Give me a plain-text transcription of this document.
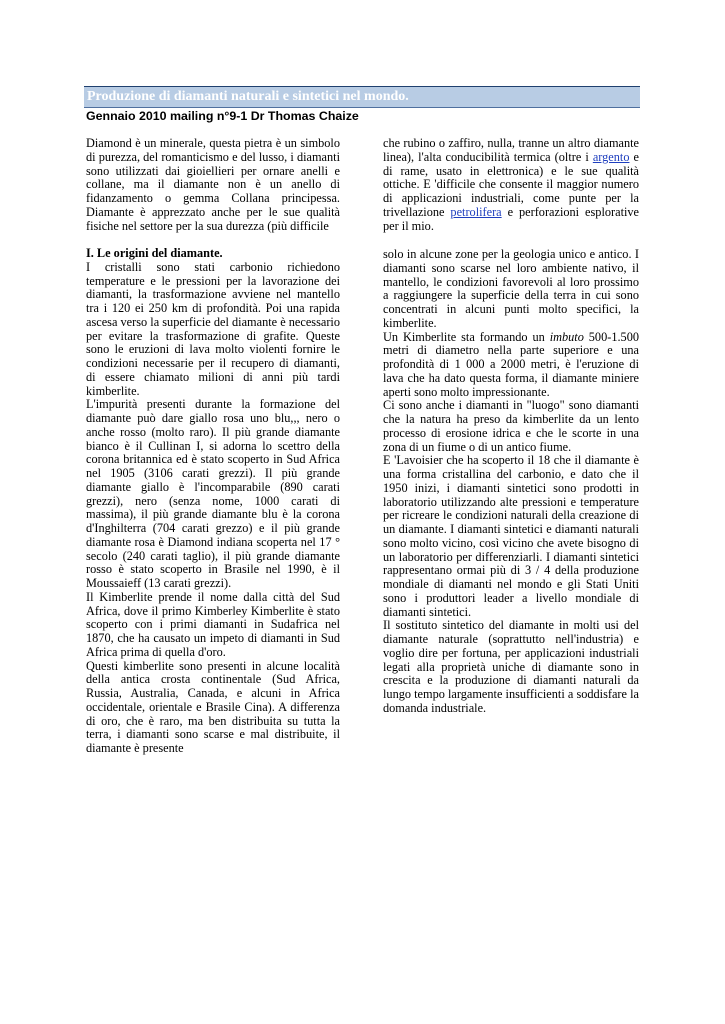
Produzione di diamanti naturali e sintetici nel mondo.
Gennaio 2010 mailing n°9-1 Dr Thomas Chaize

Diamond è un minerale, questa pietra è un simbolo di purezza, del romanticismo e del lusso, i diamanti sono utilizzati dai gioiellieri per ornare anelli e collane, ma il diamante non è un anello di fidanzamento o gemma Collana principessa. Diamante è apprezzato anche per le sue qualità fisiche nel settore per la sua durezza (più difficile

I. Le origini del diamante.

I cristalli sono stati carbonio richiedono temperature e le pressioni per la lavorazione dei diamanti, la trasformazione avviene nel mantello tra i 120 ei 250 km di profondità. Poi una rapida ascesa verso la superficie del diamante è necessario per evitare la trasformazione di grafite. Queste sono le eruzioni di lava molto violenti fornire le condizioni necessarie per il recupero di diamanti, di essere chiamato milioni di anni più tardi kimberlite.

L'impurità presenti durante la formazione del diamante può dare giallo rosa uno blu,,, nero o anche rosso (molto raro). Il più grande diamante bianco è il Cullinan I, si adorna lo scettro della corona britannica ed è stato scoperto in Sud Africa nel 1905 (3106 carati grezzi). Il più grande diamante giallo è l'incomparabile (890 carati grezzi), nero (senza nome, 1000 carati di massima), il più grande diamante blu è la corona d'Inghilterra (704 carati grezzo) e il più grande diamante rosa è Diamond indiana scoperta nel 17 ° secolo (240 carati taglio), il più grande diamante rosso è stato scoperto in Brasile nel 1990, è il Moussaieff (13 carati grezzi).

Il Kimberlite prende il nome dalla città del Sud Africa, dove il primo Kimberley Kimberlite è stato scoperto con i primi diamanti in Sudafrica nel 1870, che ha causato un impeto di diamanti in Sud Africa prima di quella d'oro.

Questi kimberlite sono presenti in alcune località della antica crosta continentale (Sud Africa, Russia, Australia, Canada, e alcuni in Africa occidentale, orientale e Brasile Cina). A differenza di oro, che è raro, ma ben distribuita su tutta la terra, i diamanti sono scarse e mal distribuite, il diamante è presente

che rubino o zaffiro, nulla, tranne un altro diamante linea), l'alta conducibilità termica (oltre i argento e di rame, usato in elettronica) e le sue qualità ottiche. E 'difficile che consente il maggior numero di applicazioni industriali, come punte per la trivellazione petrolifera e perforazioni esplorative per il mio.

solo in alcune zone per la geologia unico e antico. I diamanti sono scarse nel loro ambiente nativo, il mantello, le condizioni favorevoli al loro prossimo a raggiungere la superficie della terra in cui sono concentrati in alcuni punti molto specifici, la kimberlite.

Un Kimberlite sta formando un imbuto 500-1.500 metri di diametro nella parte superiore e una profondità di 1 000 a 2000 metri, è l'eruzione di lava che ha dato questa forma, il diamante miniere aperti sono molto impressionante.

Ci sono anche i diamanti in "luogo" sono diamanti che la natura ha preso da kimberlite da un lento processo di erosione idrica e che le scorte in una zona di un fiume o di un antico fiume.

E 'Lavoisier che ha scoperto il 18 che il diamante è una forma cristallina del carbonio, e dato che il 1950 inizi, i diamanti sintetici sono prodotti in laboratorio utilizzando alte pressioni e temperature per ricreare le condizioni naturali della creazione di un diamante. I diamanti sintetici e diamanti naturali sono molto vicino, così vicino che avete bisogno di un laboratorio per differenziarli. I diamanti sintetici rappresentano ormai più di 3 / 4 della produzione mondiale di diamanti nel mondo e gli Stati Uniti sono i produttori leader a livello mondiale di diamanti sintetici.

Il sostituto sintetico del diamante in molti usi del diamante naturale (soprattutto nell'industria) e voglio dire per fortuna, per applicazioni industriali legati alla proprietà uniche di diamante sono in crescita e la produzione di diamanti naturali da lungo tempo largamente insufficienti a soddisfare la domanda industriale.
